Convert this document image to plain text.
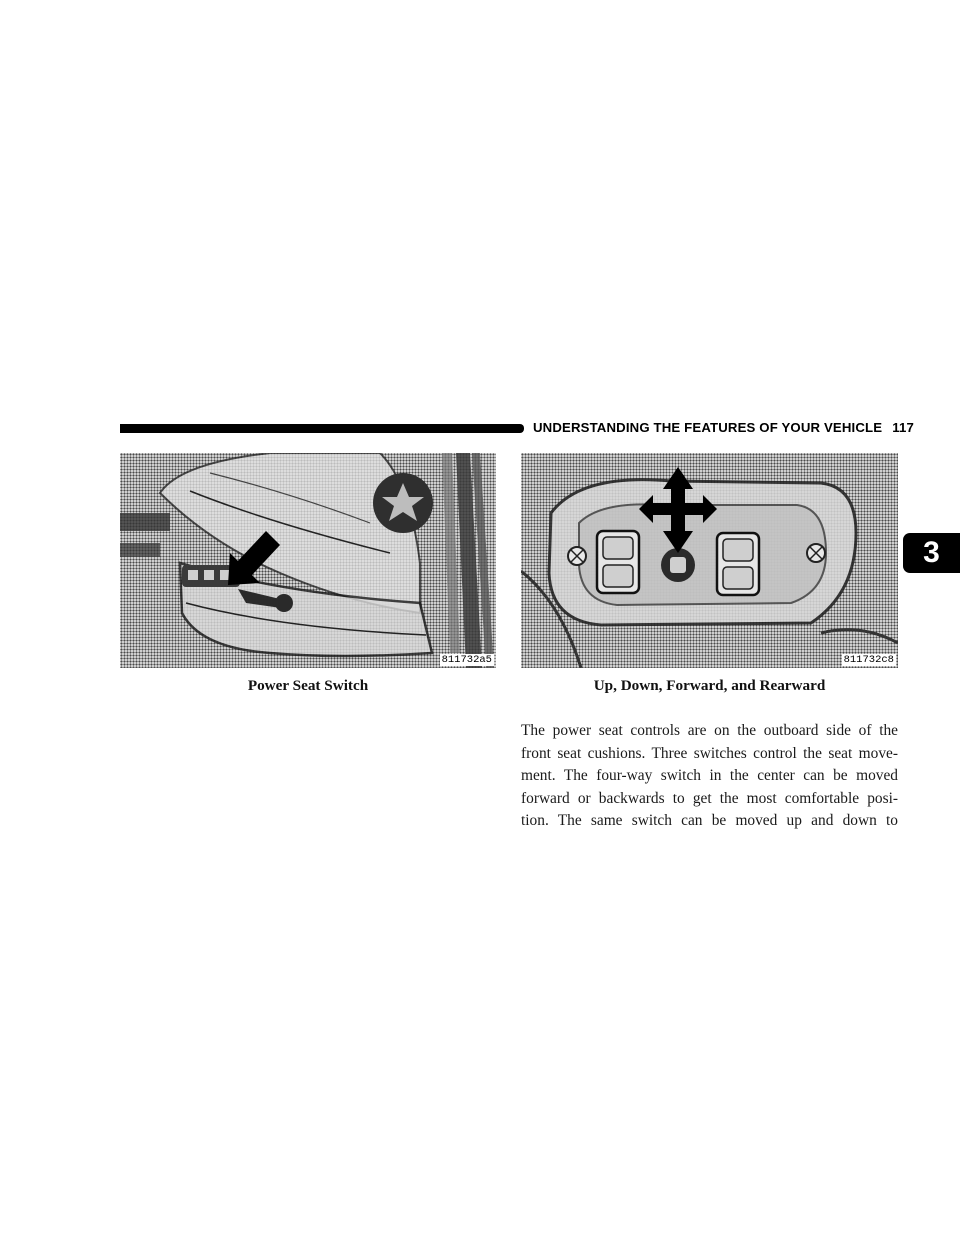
UNDERSTANDING THE FEATURES OF YOUR VEHICLE 117
3
811732a5	811732c8
Power Seat Switch	Up, Down, Forward, and Rearward

The power seat controls are on the outboard side of the
front seat cushions. Three switches control the seat move-
ment. The four-way switch in the center can be moved
forward or backwards to get the most comfortable posi-
tion. The same switch can be moved up and down to
